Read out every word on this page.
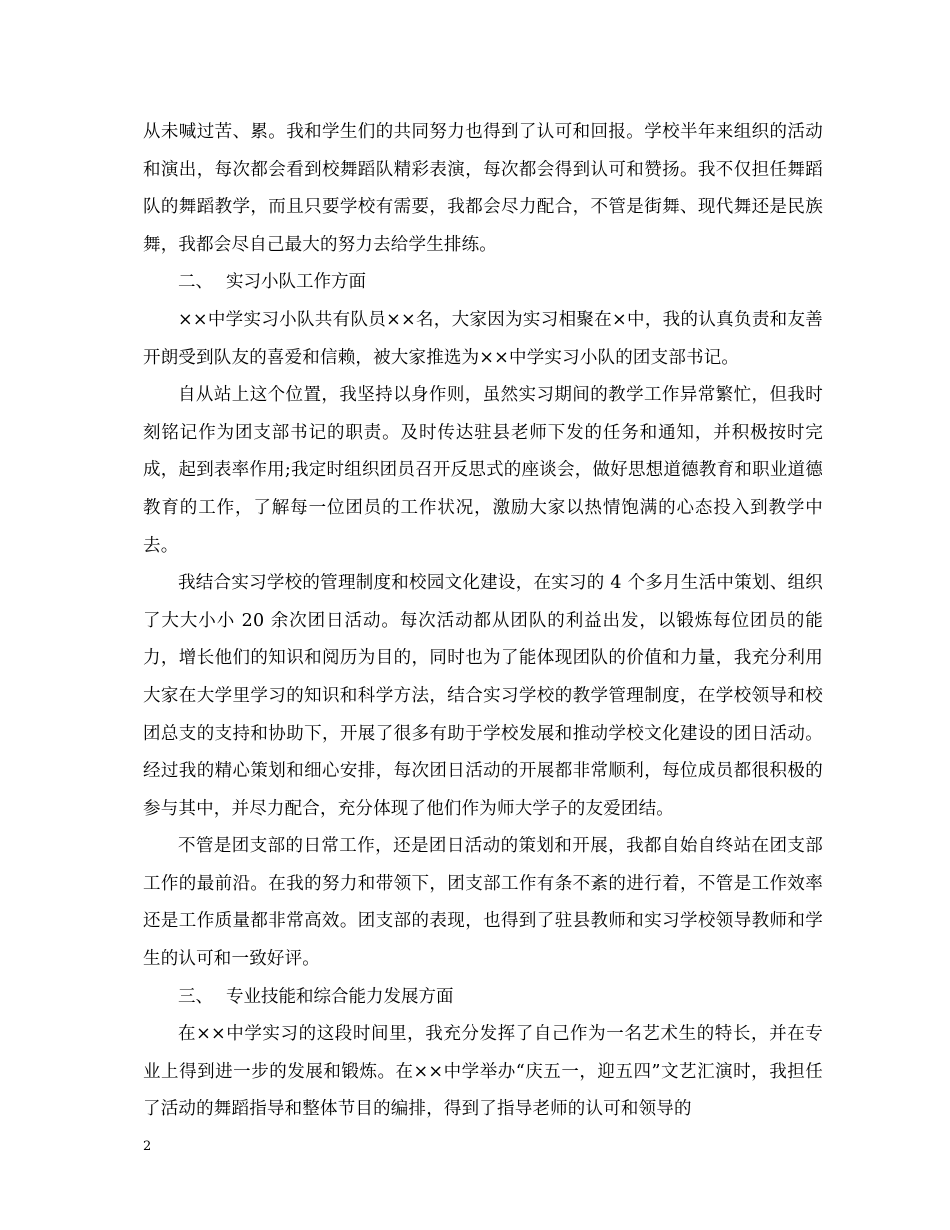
从未喊过苦、累。我和学生们的共同努力也得到了认可和回报。学校半年来组织的活动和演出，每次都会看到校舞蹈队精彩表演，每次都会得到认可和赞扬。我不仅担任舞蹈队的舞蹈教学，而且只要学校有需要，我都会尽力配合，不管是街舞、现代舞还是民族舞，我都会尽自己最大的努力去给学生排练。

二、 实习小队工作方面

××中学实习小队共有队员××名，大家因为实习相聚在×中，我的认真负责和友善开朗受到队友的喜爱和信赖，被大家推选为××中学实习小队的团支部书记。

自从站上这个位置，我坚持以身作则，虽然实习期间的教学工作异常繁忙，但我时刻铭记作为团支部书记的职责。及时传达驻县老师下发的任务和通知，并积极按时完成，起到表率作用;我定时组织团员召开反思式的座谈会，做好思想道德教育和职业道德教育的工作，了解每一位团员的工作状况，激励大家以热情饱满的心态投入到教学中去。

我结合实习学校的管理制度和校园文化建设，在实习的 4 个多月生活中策划、组织了大大小小 20 余次团日活动。每次活动都从团队的利益出发，以锻炼每位团员的能力，增长他们的知识和阅历为目的，同时也为了能体现团队的价值和力量，我充分利用大家在大学里学习的知识和科学方法，结合实习学校的教学管理制度，在学校领导和校团总支的支持和协助下，开展了很多有助于学校发展和推动学校文化建设的团日活动。经过我的精心策划和细心安排，每次团日活动的开展都非常顺利，每位成员都很积极的参与其中，并尽力配合，充分体现了他们作为师大学子的友爱团结。

不管是团支部的日常工作，还是团日活动的策划和开展，我都自始自终站在团支部工作的最前沿。在我的努力和带领下，团支部工作有条不紊的进行着，不管是工作效率还是工作质量都非常高效。团支部的表现，也得到了驻县教师和实习学校领导教师和学生的认可和一致好评。

三、 专业技能和综合能力发展方面

在××中学实习的这段时间里，我充分发挥了自己作为一名艺术生的特长，并在专业上得到进一步的发展和锻炼。在××中学举办“庆五一，迎五四”文艺汇演时，我担任了活动的舞蹈指导和整体节目的编排，得到了指导老师的认可和领导的

2
